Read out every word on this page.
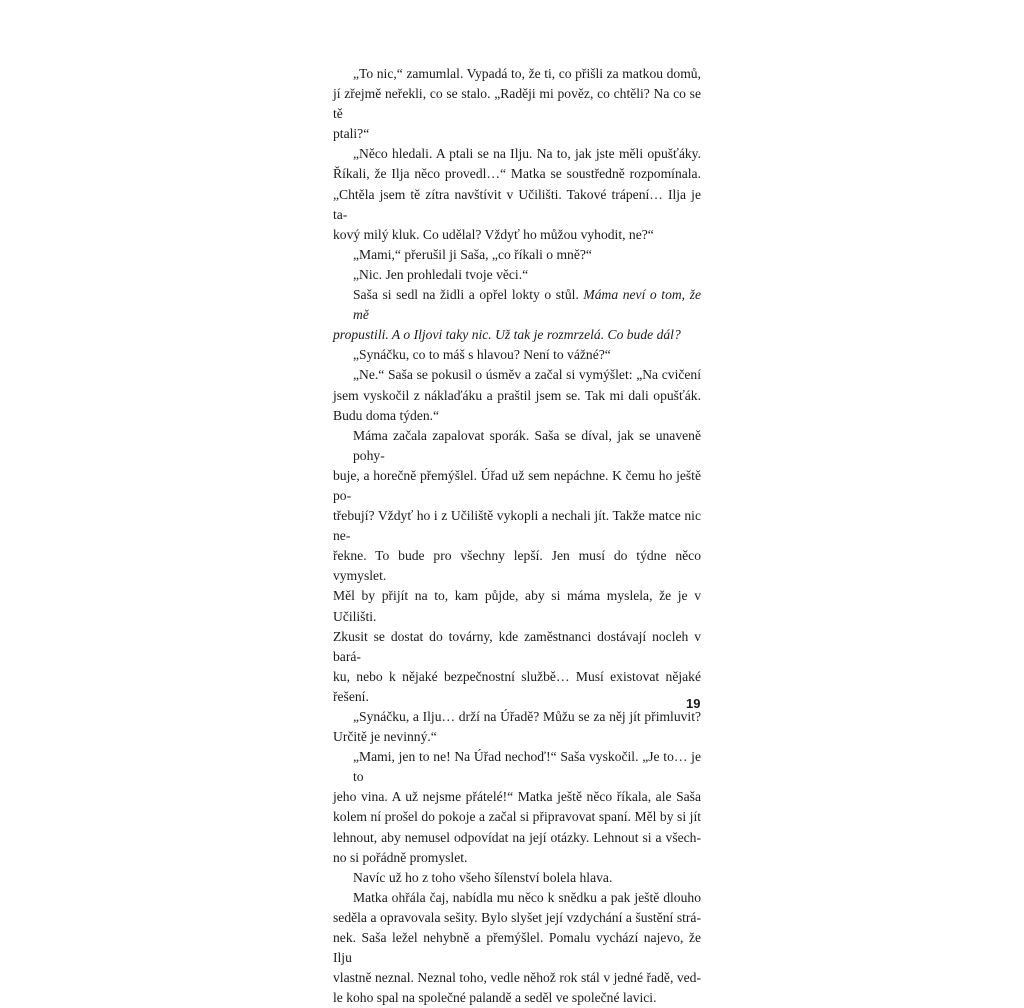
„To nic,“ zamumlal. Vypadá to, že ti, co přišli za matkou domů,
jí zřejmě neřekli, co se stalo. „Raději mi pověz, co chtěli? Na co se tě
ptali?“
„Něco hledali. A ptali se na Ilju. Na to, jak jste měli opušťáky.
Říkali, že Ilja něco provedl…“ Matka se soustředně rozpomínala.
„Chtěla jsem tě zítra navštívit v Učilišti. Takové trápení… Ilja je ta-
kový milý kluk. Co udělal? Vždyť ho můžou vyhodit, ne?“
„Mami,“ přerušil ji Saša, „co říkali o mně?“
„Nic. Jen prohledali tvoje věci.“
Saša si sedl na židli a opřel lokty o stůl. Máma neví o tom, že mě
propustili. A o Iljovi taky nic. Už tak je rozmrzelá. Co bude dál?
„Synáčku, co to máš s hlavou? Není to vážné?“
„Ne.“ Saša se pokusil o úsměv a začal si vymýšlet: „Na cvičení
jsem vyskočil z náklaďáku a praštil jsem se. Tak mi dali opušťák.
Budu doma týden.“
Máma začala zapalovat sporák. Saša se díval, jak se unaveně pohy-
buje, a horečně přemýšlel. Úřad už sem nepáchne. K čemu ho ještě po-
třebují? Vždyť ho i z Učiliště vykopli a nechali jít. Takže matce nic ne-
řekne. To bude pro všechny lepší. Jen musí do týdne něco vymyslet.
Měl by přijít na to, kam půjde, aby si máma myslela, že je v Učilišti.
Zkusit se dostat do továrny, kde zaměstnanci dostávají nocleh v bará-
ku, nebo k nějaké bezpečnostní službě… Musí existovat nějaké řešení.
„Synáčku, a Ilju… drží na Úřadě? Můžu se za něj jít přimluvit?
Určitě je nevinný.“
„Mami, jen to ne! Na Úřad nechoď!“ Saša vyskočil. „Je to… je to
jeho vina. A už nejsme přátelé!“ Matka ještě něco říkala, ale Saša
kolem ní prošel do pokoje a začal si připravovat spaní. Měl by si jít
lehnout, aby nemusel odpovídat na její otázky. Lehnout si a všech-
no si pořádně promyslet.
Navíc už ho z toho všeho šílenství bolela hlava.
Matka ohřála čaj, nabídla mu něco k snědku a pak ještě dlouho
seděla a opravovala sešity. Bylo slyšet její vzdychání a šustění strá-
nek. Saša ležel nehybně a přemýšlel. Pomalu vychází najevo, že Ilju
vlastně neznal. Neznal toho, vedle něhož rok stál v jedné řadě, ved-
le koho spal na společné palandě a seděl ve společné lavici.
19
